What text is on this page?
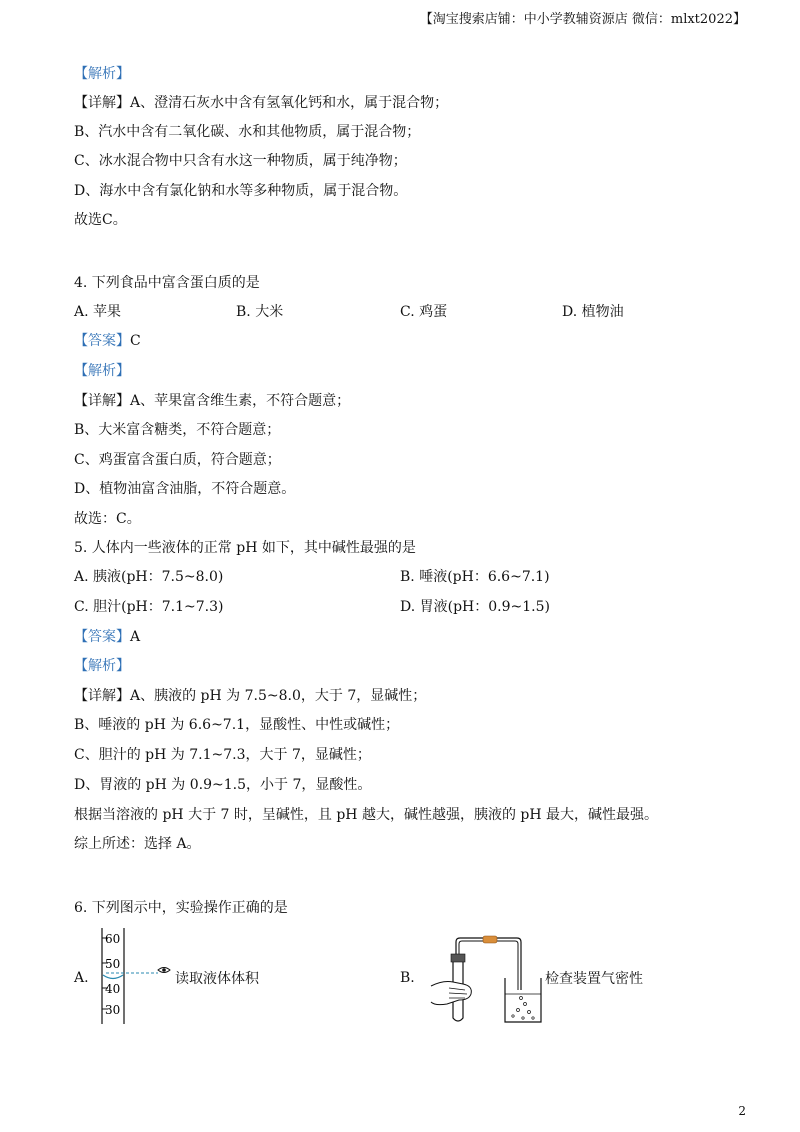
【淘宝搜索店铺：中小学教辅资源店 微信：mlxt2022】
【解析】
【详解】A、澄清石灰水中含有氢氧化钙和水，属于混合物；
B、汽水中含有二氧化碳、水和其他物质，属于混合物；
C、冰水混合物中只含有水这一种物质，属于纯净物；
D、海水中含有氯化钠和水等多种物质，属于混合物。
故选C。
4. 下列食品中富含蛋白质的是
A. 苹果	B. 大米	C. 鸡蛋	D. 植物油
【答案】C
【解析】
【详解】A、苹果富含维生素，不符合题意；
B、大米富含糖类，不符合题意；
C、鸡蛋富含蛋白质，符合题意；
D、植物油富含油脂，不符合题意。
故选：C。
5. 人体内一些液体的正常 pH 如下，其中碱性最强的是
A. 胰液(pH：7.5~8.0)	B. 唾液(pH：6.6~7.1)
C. 胆汁(pH：7.1~7.3)	D. 胃液(pH：0.9~1.5)
【答案】A
【解析】
【详解】A、胰液的 pH 为 7.5~8.0，大于 7，显碱性；
B、唾液的 pH 为 6.6~7.1，显酸性、中性或碱性；
C、胆汁的 pH 为 7.1~7.3，大于 7，显碱性；
D、胃液的 pH 为 0.9~1.5，小于 7，显酸性。
根据当溶液的 pH 大于 7 时，呈碱性，且 pH 越大，碱性越强，胰液的 pH 最大，碱性最强。
综上所述：选择 A。
6. 下列图示中，实验操作正确的是
A.
60
50
40
30
读取液体体积	B.	检查装置气密性
2
